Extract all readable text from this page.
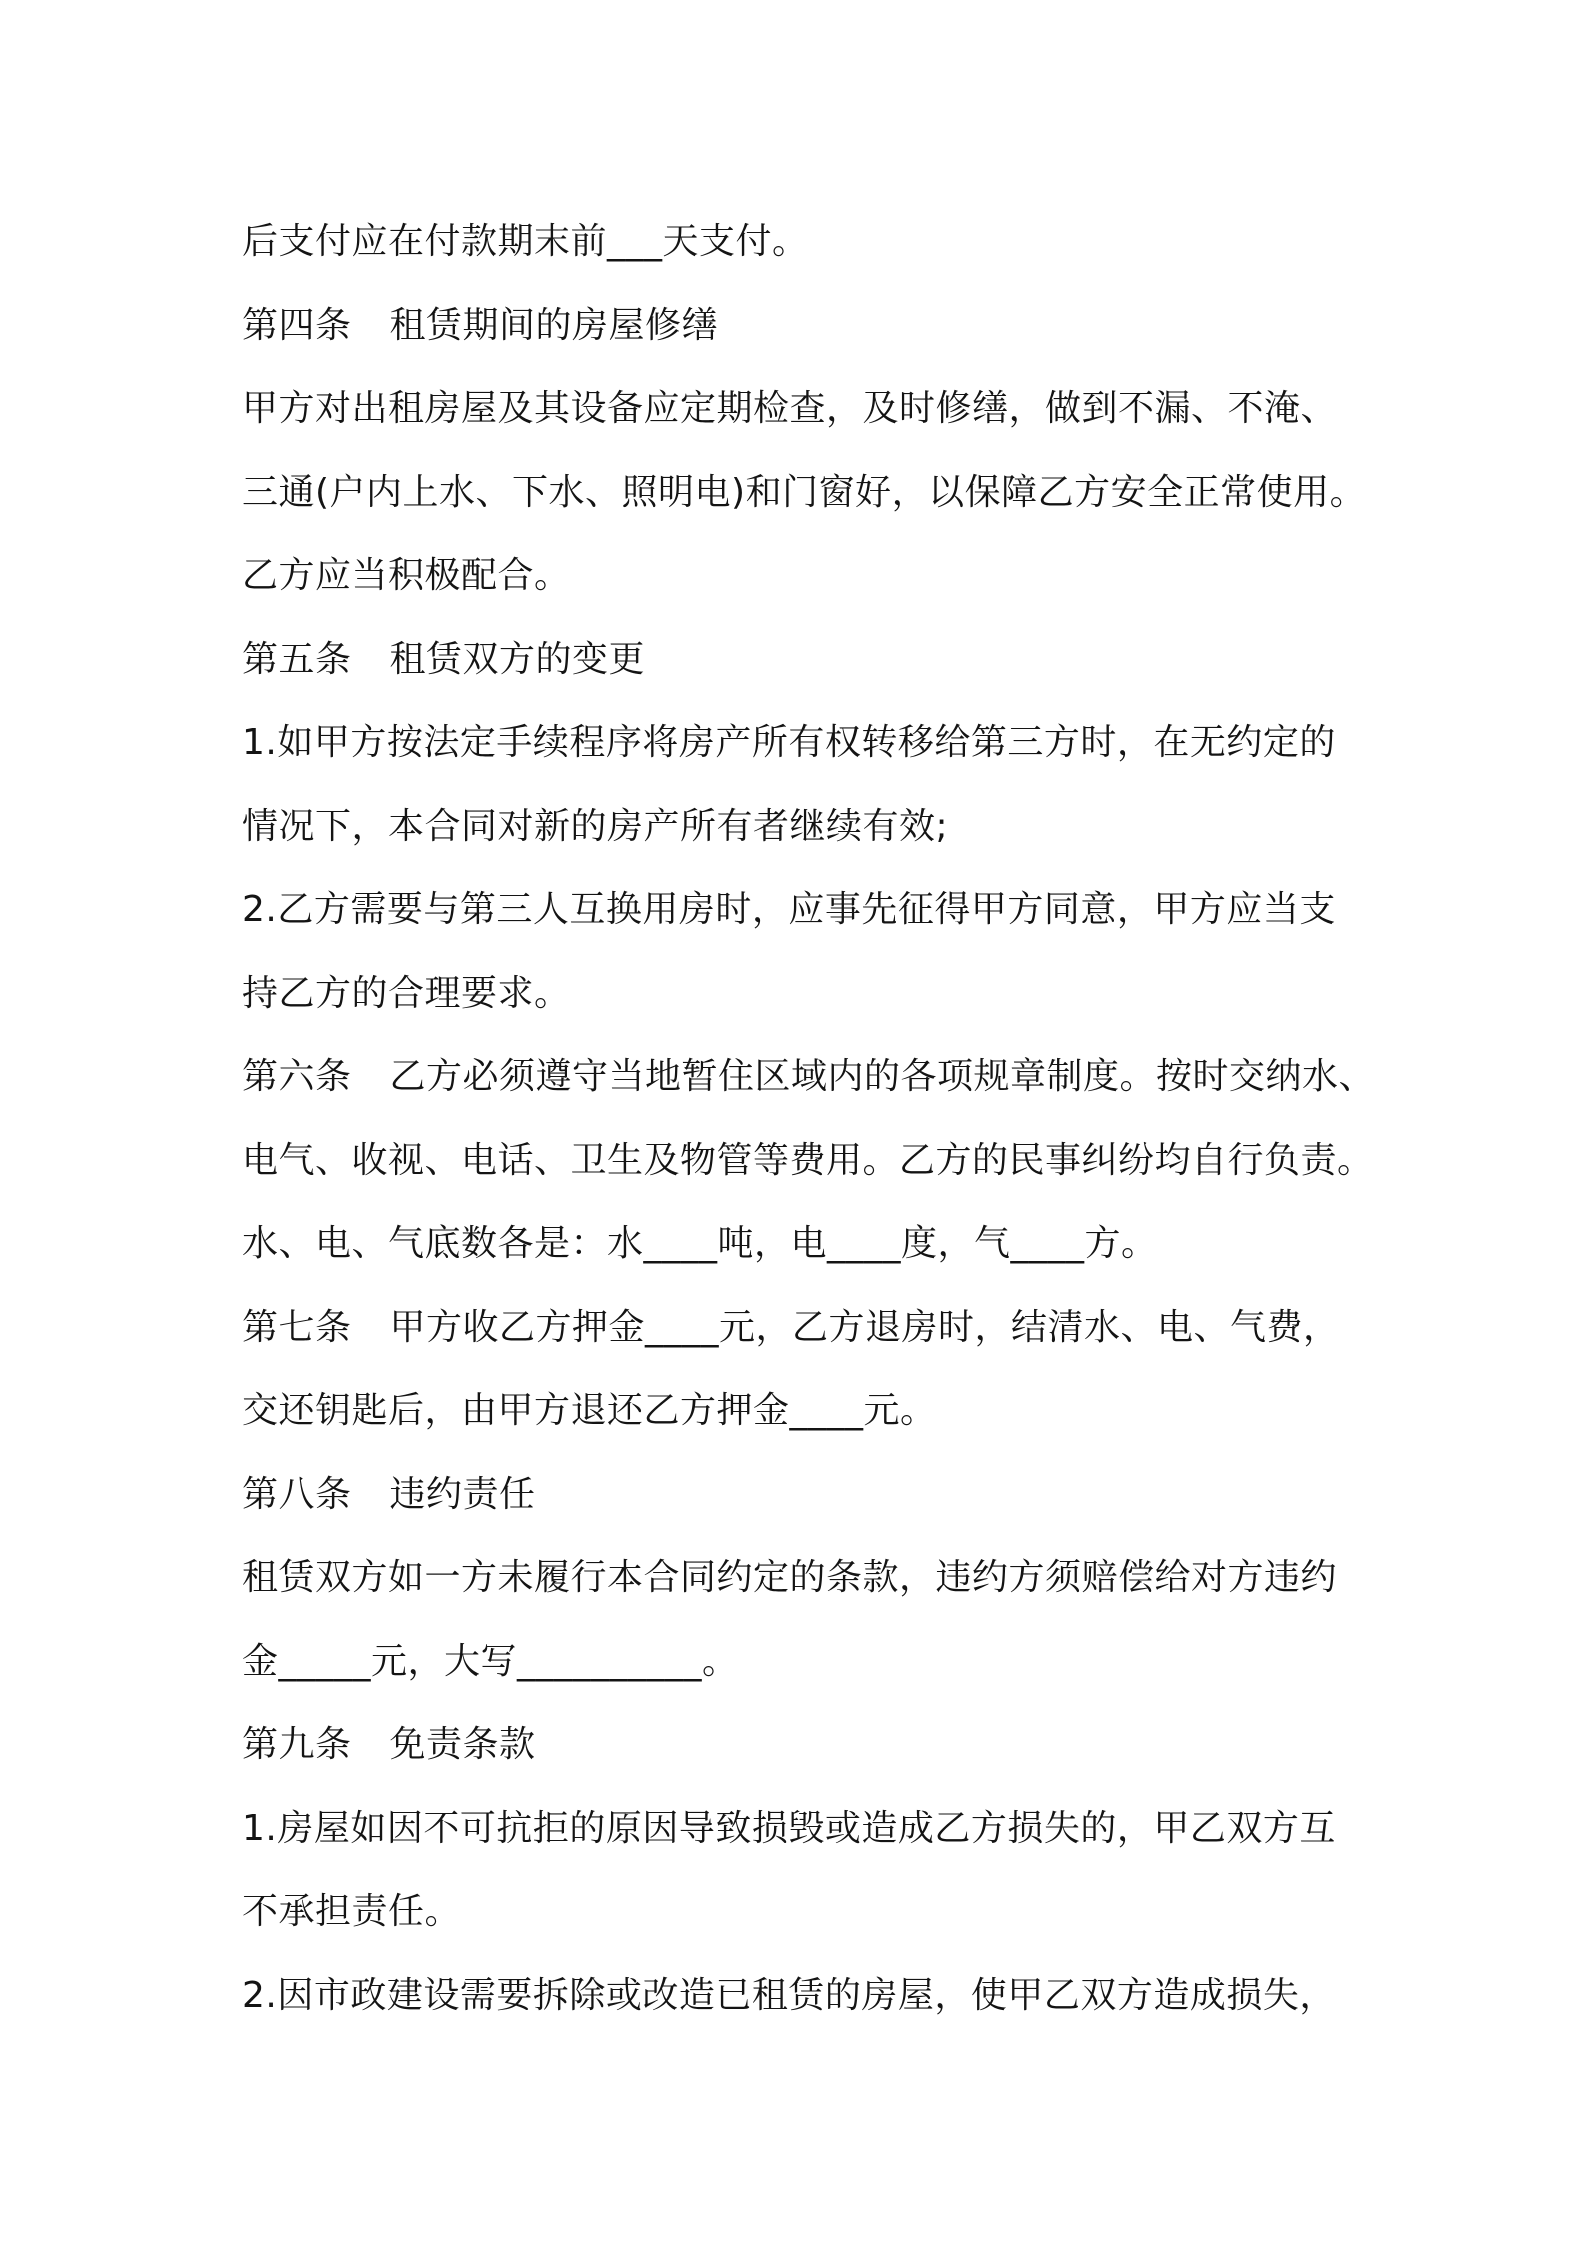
后支付应在付款期末前___天支付。
第四条 租赁期间的房屋修缮
甲方对出租房屋及其设备应定期检查，及时修缮，做到不漏、不淹、
三通(户内上水、下水、照明电)和门窗好，以保障乙方安全正常使用。
乙方应当积极配合。
第五条 租赁双方的变更
1.如甲方按法定手续程序将房产所有权转移给第三方时，在无约定的
情况下，本合同对新的房产所有者继续有效;
2.乙方需要与第三人互换用房时，应事先征得甲方同意，甲方应当支
持乙方的合理要求。
第六条 乙方必须遵守当地暂住区域内的各项规章制度。按时交纳水、
电气、收视、电话、卫生及物管等费用。乙方的民事纠纷均自行负责。
水、电、气底数各是：水____吨，电____度，气____方。
第七条 甲方收乙方押金____元，乙方退房时，结清水、电、气费，
交还钥匙后，由甲方退还乙方押金____元。
第八条 违约责任
租赁双方如一方未履行本合同约定的条款，违约方须赔偿给对方违约
金_____元，大写__________。
第九条 免责条款
1.房屋如因不可抗拒的原因导致损毁或造成乙方损失的，甲乙双方互
不承担责任。
2.因市政建设需要拆除或改造已租赁的房屋，使甲乙双方造成损失，
